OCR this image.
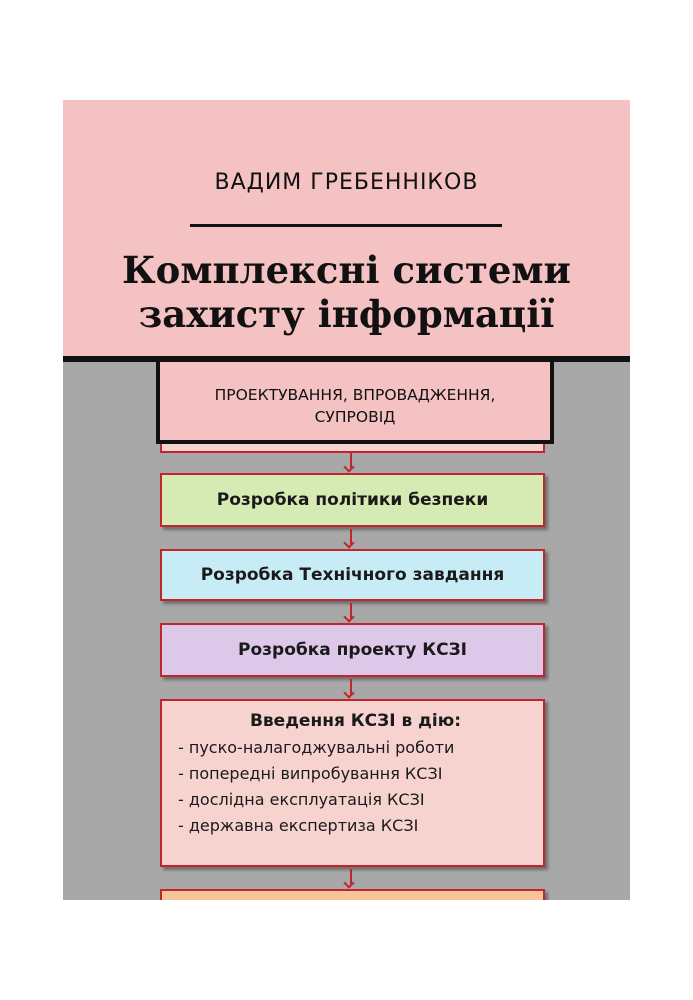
Розробка політики безпеки
Розробка Технічного завдання
Розробка проекту КСЗІ
Введення КСЗІ в дію:
- пуско-налагоджувальні роботи
- попередні випробування КСЗІ
- дослідна експлуатація КСЗІ
- державна експертиза КСЗІ
ВАДИМ ГРЕБЕННІКОВ
Комплексні системи
захисту інформації
ПРОЕКТУВАННЯ, ВПРОВАДЖЕННЯ,
СУПРОВІД
